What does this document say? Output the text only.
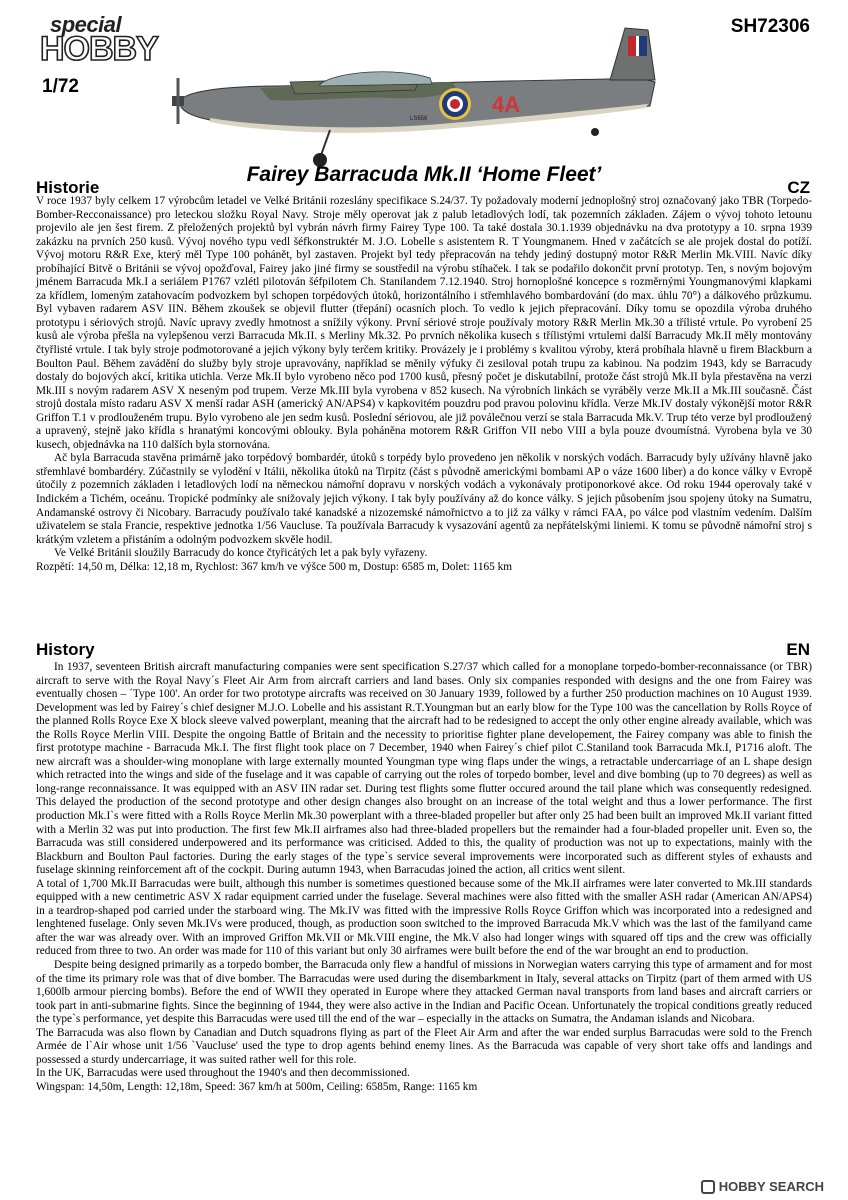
special
HOBBY
1/72
SH72306
4A
LS656
Historie
Fairey Barracuda Mk.II ‘Home Fleet’
CZ

V roce 1937 byly celkem 17 výrobcům letadel ve Velké Británii rozeslány specifikace S.24/37. Ty požadovaly moderní jednoplošný stroj označovaný jako TBR (Torpedo-Bomber-Recconaissance) pro leteckou složku Royal Navy. Stroje měly operovat jak z palub letadlových lodí, tak pozemních základen. Zájem o vývoj tohoto letounu projevilo ale jen šest firem. Z přeložených projektů byl vybrán návrh firmy Fairey Type 100. Ta také dostala 30.1.1939 objednávku na dva prototypy a 10. srpna 1939 zakázku na prvních 250 kusů. Vývoj nového typu vedl šéfkonstruktér M. J.O. Lobelle s asistentem R. T Youngmanem. Hned v začátcích se ale projek dostal do potíží. Vývoj motoru R&R Exe, který měl Type 100 pohánět, byl zastaven. Projekt byl tedy přepracován na tehdy jediný dostupný motor R&R Merlin Mk.VIII. Navíc díky probíhající Bitvě o Británii se vývoj opožďoval, Fairey jako jiné firmy se soustředil na výrobu stíhaček. I tak se podařilo dokončit první prototyp. Ten, s novým bojovým jménem Barracuda Mk.I a seriálem P1767 vzlétl pilotován šéfpilotem Ch. Stanilandem 7.12.1940. Stroj hornoplošné koncepce s rozměrnými Youngmanovými klapkami za křídlem, lomeným zatahovacím podvozkem byl schopen torpédových útoků, horizontálního i střemhlavého bombardování (do max. úhlu 70°) a dálkového průzkumu. Byl vybaven radarem ASV IIN. Během zkoušek se objevil flutter (třepání) ocasních ploch. To vedlo k jejich přepracování. Díky tomu se opozdila výroba druhého prototypu i sériových strojů. Navíc upravy zvedly hmotnost a snížily výkony. První sériové stroje používaly motory R&R Merlin Mk.30 a třílisté vrtule. Po vyrobení 25 kusů ale výroba přešla na vylepšenou verzi Barracuda Mk.II. s Merliny Mk.32. Po prvních několika kusech s třílistými vrtulemi další Barracudy Mk.II měly montovány čtyřlisté vrtule. I tak byly stroje podmotorované a jejich výkony byly terčem kritiky. Provázely je i problémy s kvalitou výroby, která probíhala hlavně u firem Blackburn a Boulton Paul. Během zavádění do služby byly stroje upravovány, například se měnily výfuky či zesiloval potah trupu za kabinou. Na podzim 1943, kdy se Barracudy dostaly do bojových akcí, kritika utichla. Verze Mk.II bylo vyrobeno něco pod 1700 kusů, přesný počet je diskutabilní, protože část strojů Mk.II byla přestavěna na verzi Mk.III s novým radarem ASV X neseným pod trupem. Verze Mk.III byla vyrobena v 852 kusech. Na výrobních linkách se vyráběly verze Mk.II a Mk.III současně. Část strojů dostala místo radaru ASV X menší radar ASH (americký AN/APS4) v kapkovitém pouzdru pod pravou polovinu křídla. Verze Mk.IV dostaly výkonější motor R&R Griffon T.1 v prodlouženém trupu. Bylo vyrobeno ale jen sedm kusů. Poslední sériovou, ale již poválečnou verzí se stala Barracuda Mk.V. Trup této verze byl prodloužený a upravený, stejně jako křídla s hranatými koncovými oblouky. Byla poháněna motorem R&R Griffon VII nebo VIII a byla pouze dvoumístná. Vyrobena byla ve 30 kusech, objednávka na 110 dalších byla stornována.

Ač byla Barracuda stavěna primárně jako torpédový bombardér, útoků s torpédy bylo provedeno jen několik v norských vodách. Barracudy byly užívány hlavně jako střemhlavé bombardéry. Zúčastnily se vylodění v Itálii, několika útoků na Tirpitz (část s původně americkými bombami AP o váze 1600 liber) a do konce války v Evropě útočily z pozemních základen i letadlových lodí na německou námořní dopravu v norských vodách a vykonávaly protiponorkové akce. Od roku 1944 operovaly také v Indickém a Tichém, oceánu. Tropické podmínky ale snižovaly jejich výkony. I tak byly používány až do konce války. S jejich působením jsou spojeny útoky na Sumatru, Andamanské ostrovy či Nicobary. Barracudy používalo také kanadské a nizozemské námořnictvo a to již za války v rámci FAA, po válce pod vlastním vedením. Dalším uživatelem se stala Francie, respektive jednotka 1/56 Vaucluse. Ta používala Barracudy k vysazování agentů za nepřátelskými liniemi. K tomu se původně námořní stroj s krátkým vzletem a přistáním a odolným podvozkem skvěle hodil.

Ve Velké Británii sloužily Barracudy do konce čtyřicátých let a pak byly vyřazeny.

Rozpětí: 14,50 m, Délka: 12,18 m, Rychlost: 367 km/h ve výšce 500 m, Dostup: 6585 m, Dolet: 1165 km

History	EN

In 1937, seventeen British aircraft manufacturing companies were sent specification S.27/37 which called for a monoplane torpedo-bomber-reconnaissance (or TBR) aircraft to serve with the Royal Navy´s Fleet Air Arm from aircraft carriers and land bases. Only six companies responded with designs and the one from Fairey was eventually chosen – ´Type 100'. An order for two prototype aircrafts was received on 30 January 1939, followed by a further 250 production machines on 10 August 1939. Development was led by Fairey´s chief designer M.J.O. Lobelle and his assistant R.T.Youngman but an early blow for the Type 100 was the cancellation by Rolls Royce of the planned Rolls Royce Exe X block sleeve valved powerplant, meaning that the aircraft had to be redesigned to accept the only other engine already available, which was the Rolls Royce Merlin VIII. Despite the ongoing Battle of Britain and the necessity to prioritise fighter plane developement, the Fairey company was able to finish the first prototype machine - Barracuda Mk.I. The first flight took place on 7 December, 1940 when Fairey´s chief pilot C.Staniland took Barracuda Mk.I, P1716 aloft. The new aircraft was a shoulder-wing monoplane with large externally mounted Youngman type wing flaps under the wings, a retractable undercarriage of an L shape design which retracted into the wings and side of the fuselage and it was capable of carrying out the roles of torpedo bomber, level and dive bombing (up to 70 degrees) as well as long-range reconnaissance. It was equipped with an ASV IIN radar set. During test flights some flutter occured around the tail plane which was consequently redesigned. This delayed the production of the second prototype and other design changes also brought on an increase of the total weight and thus a lower performance. The first production Mk.I`s were fitted with a Rolls Royce Merlin Mk.30 powerplant with a three-bladed propeller but after only 25 had been built an improved Mk.II variant fitted with a Merlin 32 was put into production. The first few Mk.II airframes also had three-bladed propellers but the remainder had a four-bladed propeller unit. Even so, the Barracuda was still considered underpowered and its performance was criticised. Added to this, the quality of production was not up to expectations, mainly with the Blackburn and Boulton Paul factories. During the early stages of the type`s service several improvements were incorporated such as different styles of exhausts and fuselage skinning reinforcement aft of the cockpit. During autumn 1943, when Barracudas joined the action, all critics went silent.

A total of 1,700 Mk.II Barracudas were built, although this number is sometimes questioned because some of the Mk.II airframes were later converted to Mk.III standards equipped with a new centimetric ASV X radar equipment carried under the fuselage. Several machines were also fitted with the smaller ASH radar (American AN/APS4) in a teardrop-shaped pod carried under the starboard wing. The Mk.IV was fitted with the impressive Rolls Royce Griffon which was incorporated into a redesigned and lenghtened fuselage. Only seven Mk.IVs were produced, though, as production soon switched to the improved Barracuda Mk.V which was the last of the familyand came after the war was already over. With an improved Griffon Mk.VII or Mk.VIII engine, the Mk.V also had longer wings with squared off tips and the crew was officially reduced from three to two. An order was made for 110 of this variant but only 30 airframes were built before the end of the war brought an end to production.

Despite being designed primarily as a torpedo bomber, the Barracuda only flew a handful of missions in Norwegian waters carrying this type of armament and for most of the time its primary role was that of dive bomber. The Barracudas were used during the disembarkment in Italy, several attacks on Tirpitz (part of them armed with US 1,600lb armour piercing bombs). Before the end of WWII they operated in Europe where they attacked German naval transports from land bases and aircraft carriers or took part in anti-submarine fights. Since the beginning of 1944, they were also active in the Indian and Pacific Ocean. Unfortunately the tropical conditions greatly reduced the type`s performance, yet despite this Barracudas were used till the end of the war – especially in the attacks on Sumatra, the Andaman islands and Nicobara.

The Barracuda was also flown by Canadian and Dutch squadrons flying as part of the Fleet Air Arm and after the war ended surplus Barracudas were sold to the French Armée de l`Air whose unit 1/56 `Vaucluse' used the type to drop agents behind enemy lines. As the Barracuda was capable of very short take offs and landings and possessed a sturdy undercarriage, it was suited rather well for this role.

In the UK, Barracudas were used throughout the 1940's and then decommissioned.

Wingspan: 14,50m, Length: 12,18m, Speed: 367 km/h at 500m, Ceiling: 6585m, Range: 1165 km

HOBBY SEARCH
